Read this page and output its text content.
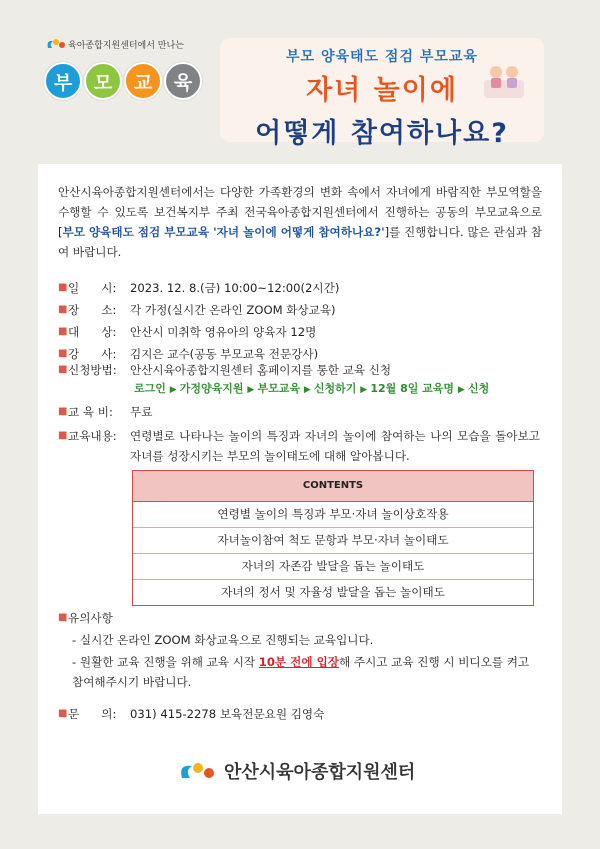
육아종합지원센터에서 만나는
부	모	교	육
부모 양육태도 점검 부모교육
자녀 놀이에
어떻게 참여하나요?
안산시육아종합지원센터에서는 다양한 가족환경의 변화 속에서 자녀에게 바람직한 부모역할을 수행할 수 있도록 보건복지부 주최 전국육아종합지원센터에서 진행하는 공동의 부모교육으로 [부모 양육태도 점검 부모교육 '자녀 놀이에 어떻게 참여하나요?']를 진행합니다. 많은 관심과 참여 바랍니다.
■ 일      시:	2023. 12. 8.(금) 10:00~12:00(2시간)
■ 장      소:	각 가정(실시간 온라인 ZOOM 화상교육)
■ 대      상:	안산시 미취학 영유아의 양육자 12명
■ 강      사:	김지은 교수(공동 부모교육 전문강사)
■ 신청방법:	안산시육아종합지원센터 홈페이지를 통한 교육 신청
로그인 ▶ 가정양육지원 ▶ 부모교육 ▶ 신청하기 ▶ 12월 8일 교육명 ▶ 신청
■ 교 육 비:	무료
■ 교육내용:	연령별로 나타나는 놀이의 특징과 자녀의 놀이에 참여하는 나의 모습을 돌아보고 자녀를 성장시키는 부모의 놀이태도에 대해 알아봅니다.
CONTENTS
연령별 놀이의 특징과 부모·자녀 놀이상호작용
자녀놀이참여 척도 문항과 부모·자녀 놀이태도
자녀의 자존감 발달을 돕는 놀이태도
자녀의 정서 및 자율성 발달을 돕는 놀이태도
■ 유의사항
- 실시간 온라인 ZOOM 화상교육으로 진행되는 교육입니다.
- 원활한 교육 진행을 위해 교육 시작 10분 전에 입장해 주시고 교육 진행 시 비디오를 켜고 참여해주시기 바랍니다.
■ 문      의:	031) 415-2278 보육전문요원 김영숙
안산시육아종합지원센터
